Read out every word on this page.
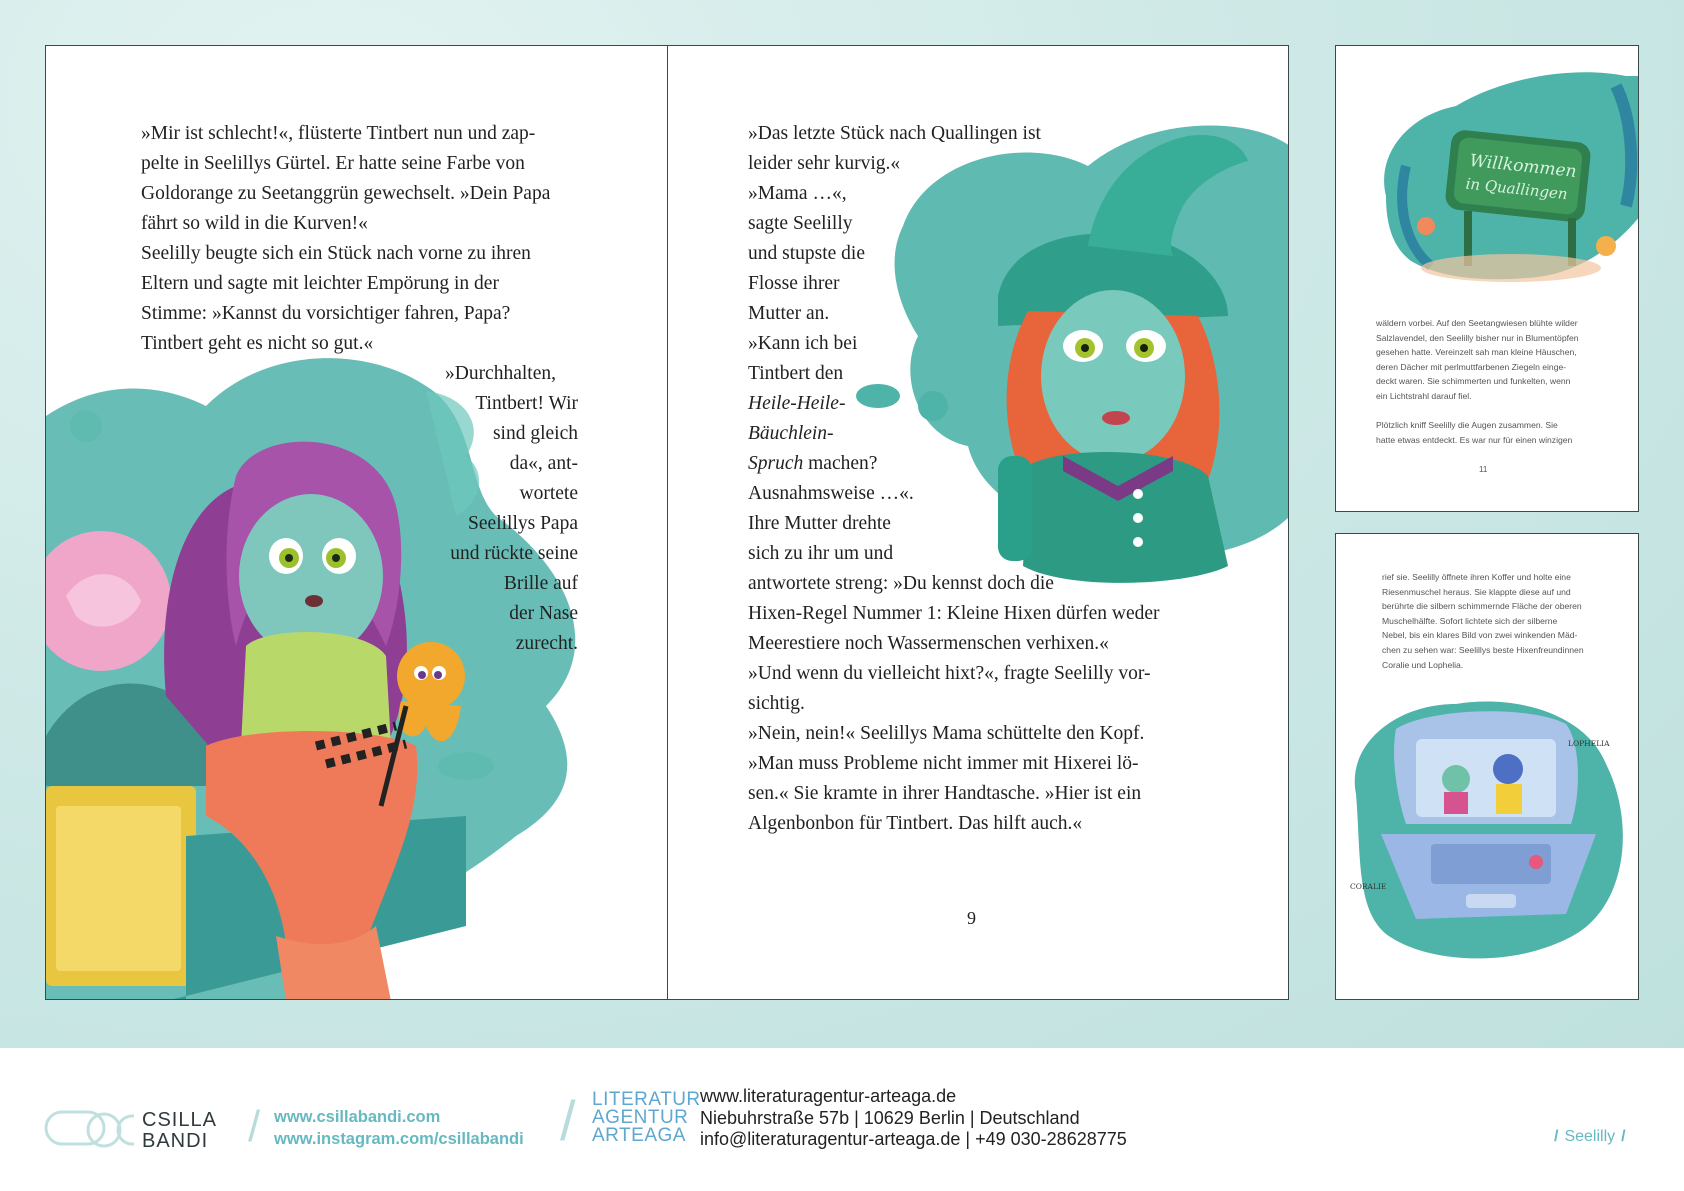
»Mir ist schlecht!«, flüsterte Tintbert nun und zap-
pelte in Seelillys Gürtel. Er hatte seine Farbe von
Goldorange zu Seetanggrün gewechselt. »Dein Papa
fährt so wild in die Kurven!«
Seelilly beugte sich ein Stück nach vorne zu ihren
Eltern und sagte mit leichter Empörung in der
Stimme: »Kannst du vorsichtiger fahren, Papa?
Tintbert geht es nicht so gut.«
»Durchhalten,
Tintbert! Wir
sind gleich
da«, ant-
wortete
Seelillys Papa
und rückte seine
Brille auf
der Nase
zurecht.
»Das letzte Stück nach Quallingen ist
leider sehr kurvig.«
»Mama …«,
sagte Seelilly
und stupste die
Flosse ihrer
Mutter an.
»Kann ich bei
Tintbert den
Heile-Heile-
Bäuchlein-
Spruch machen?
Ausnahmsweise …«.
Ihre Mutter drehte
sich zu ihr um und
antwortete streng: »Du kennst doch die
Hixen-Regel Nummer 1: Kleine Hixen dürfen weder
Meerestiere noch Wassermenschen verhixen.«
»Und wenn du vielleicht hixt?«, fragte Seelilly vor-
sichtig.
»Nein, nein!« Seelillys Mama schüttelte den Kopf.
»Man muss Probleme nicht immer mit Hixerei lö-
sen.« Sie kramte in ihrer Handtasche. »Hier ist ein
Algenbonbon für Tintbert. Das hilft auch.«
9
Willkommen
in Quallingen
wäldern vorbei. Auf den Seetangwiesen blühte wilder
Salzlavendel, den Seelilly bisher nur in Blumentöpfen
gesehen hatte. Vereinzelt sah man kleine Häuschen,
deren Dächer mit perlmuttfarbenen Ziegeln einge-
deckt waren. Sie schimmerten und funkelten, wenn
ein Lichtstrahl darauf fiel.

Plötzlich kniff Seelilly die Augen zusammen. Sie
hatte etwas entdeckt. Es war nur für einen winzigen
11
rief sie. Seelilly öffnete ihren Koffer und holte eine
Riesenmuschel heraus. Sie klappte diese auf und
berührte die silbern schimmernde Fläche der oberen
Muschelhälfte. Sofort lichtete sich der silberne
Nebel, bis ein klares Bild von zwei winkenden Mäd-
chen zu sehen war: Seelillys beste Hixenfreundinnen
Coralie und Lophelia.
CORALIE
LOPHELIA
CSILLA
BANDI / www.csillabandi.com
www.instagram.com/csillabandi / LITERATUR
AGENTUR
ARTEAGA
www.literaturagentur-arteaga.de
Niebuhrstraße 57b | 10629 Berlin | Deutschland
info@literaturagentur-arteaga.de | +49 030-28628775	/ Seelilly /
